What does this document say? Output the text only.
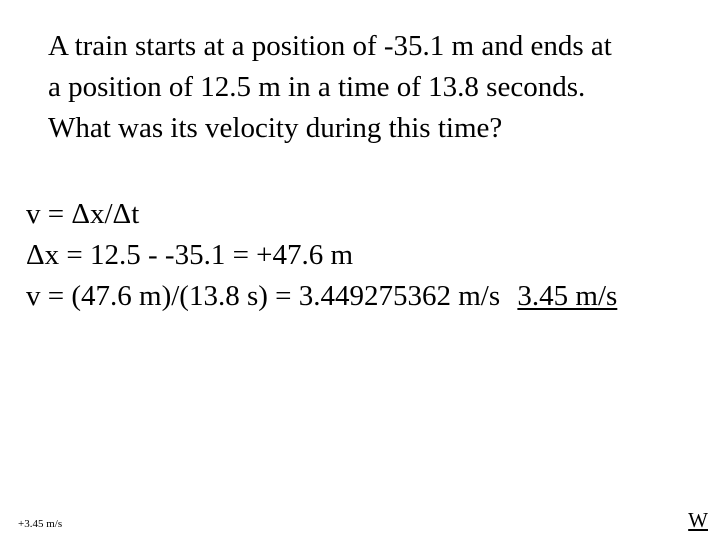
A train starts at a position of -35.1 m and ends at
a position of 12.5 m in a time of 13.8 seconds.
What was its velocity during this time?
v = Δx/Δt
Δx = 12.5 - -35.1 = +47.6 m
v = (47.6 m)/(13.8 s) = 3.449275362 m/s 3.45 m/s
+3.45 m/s	W
